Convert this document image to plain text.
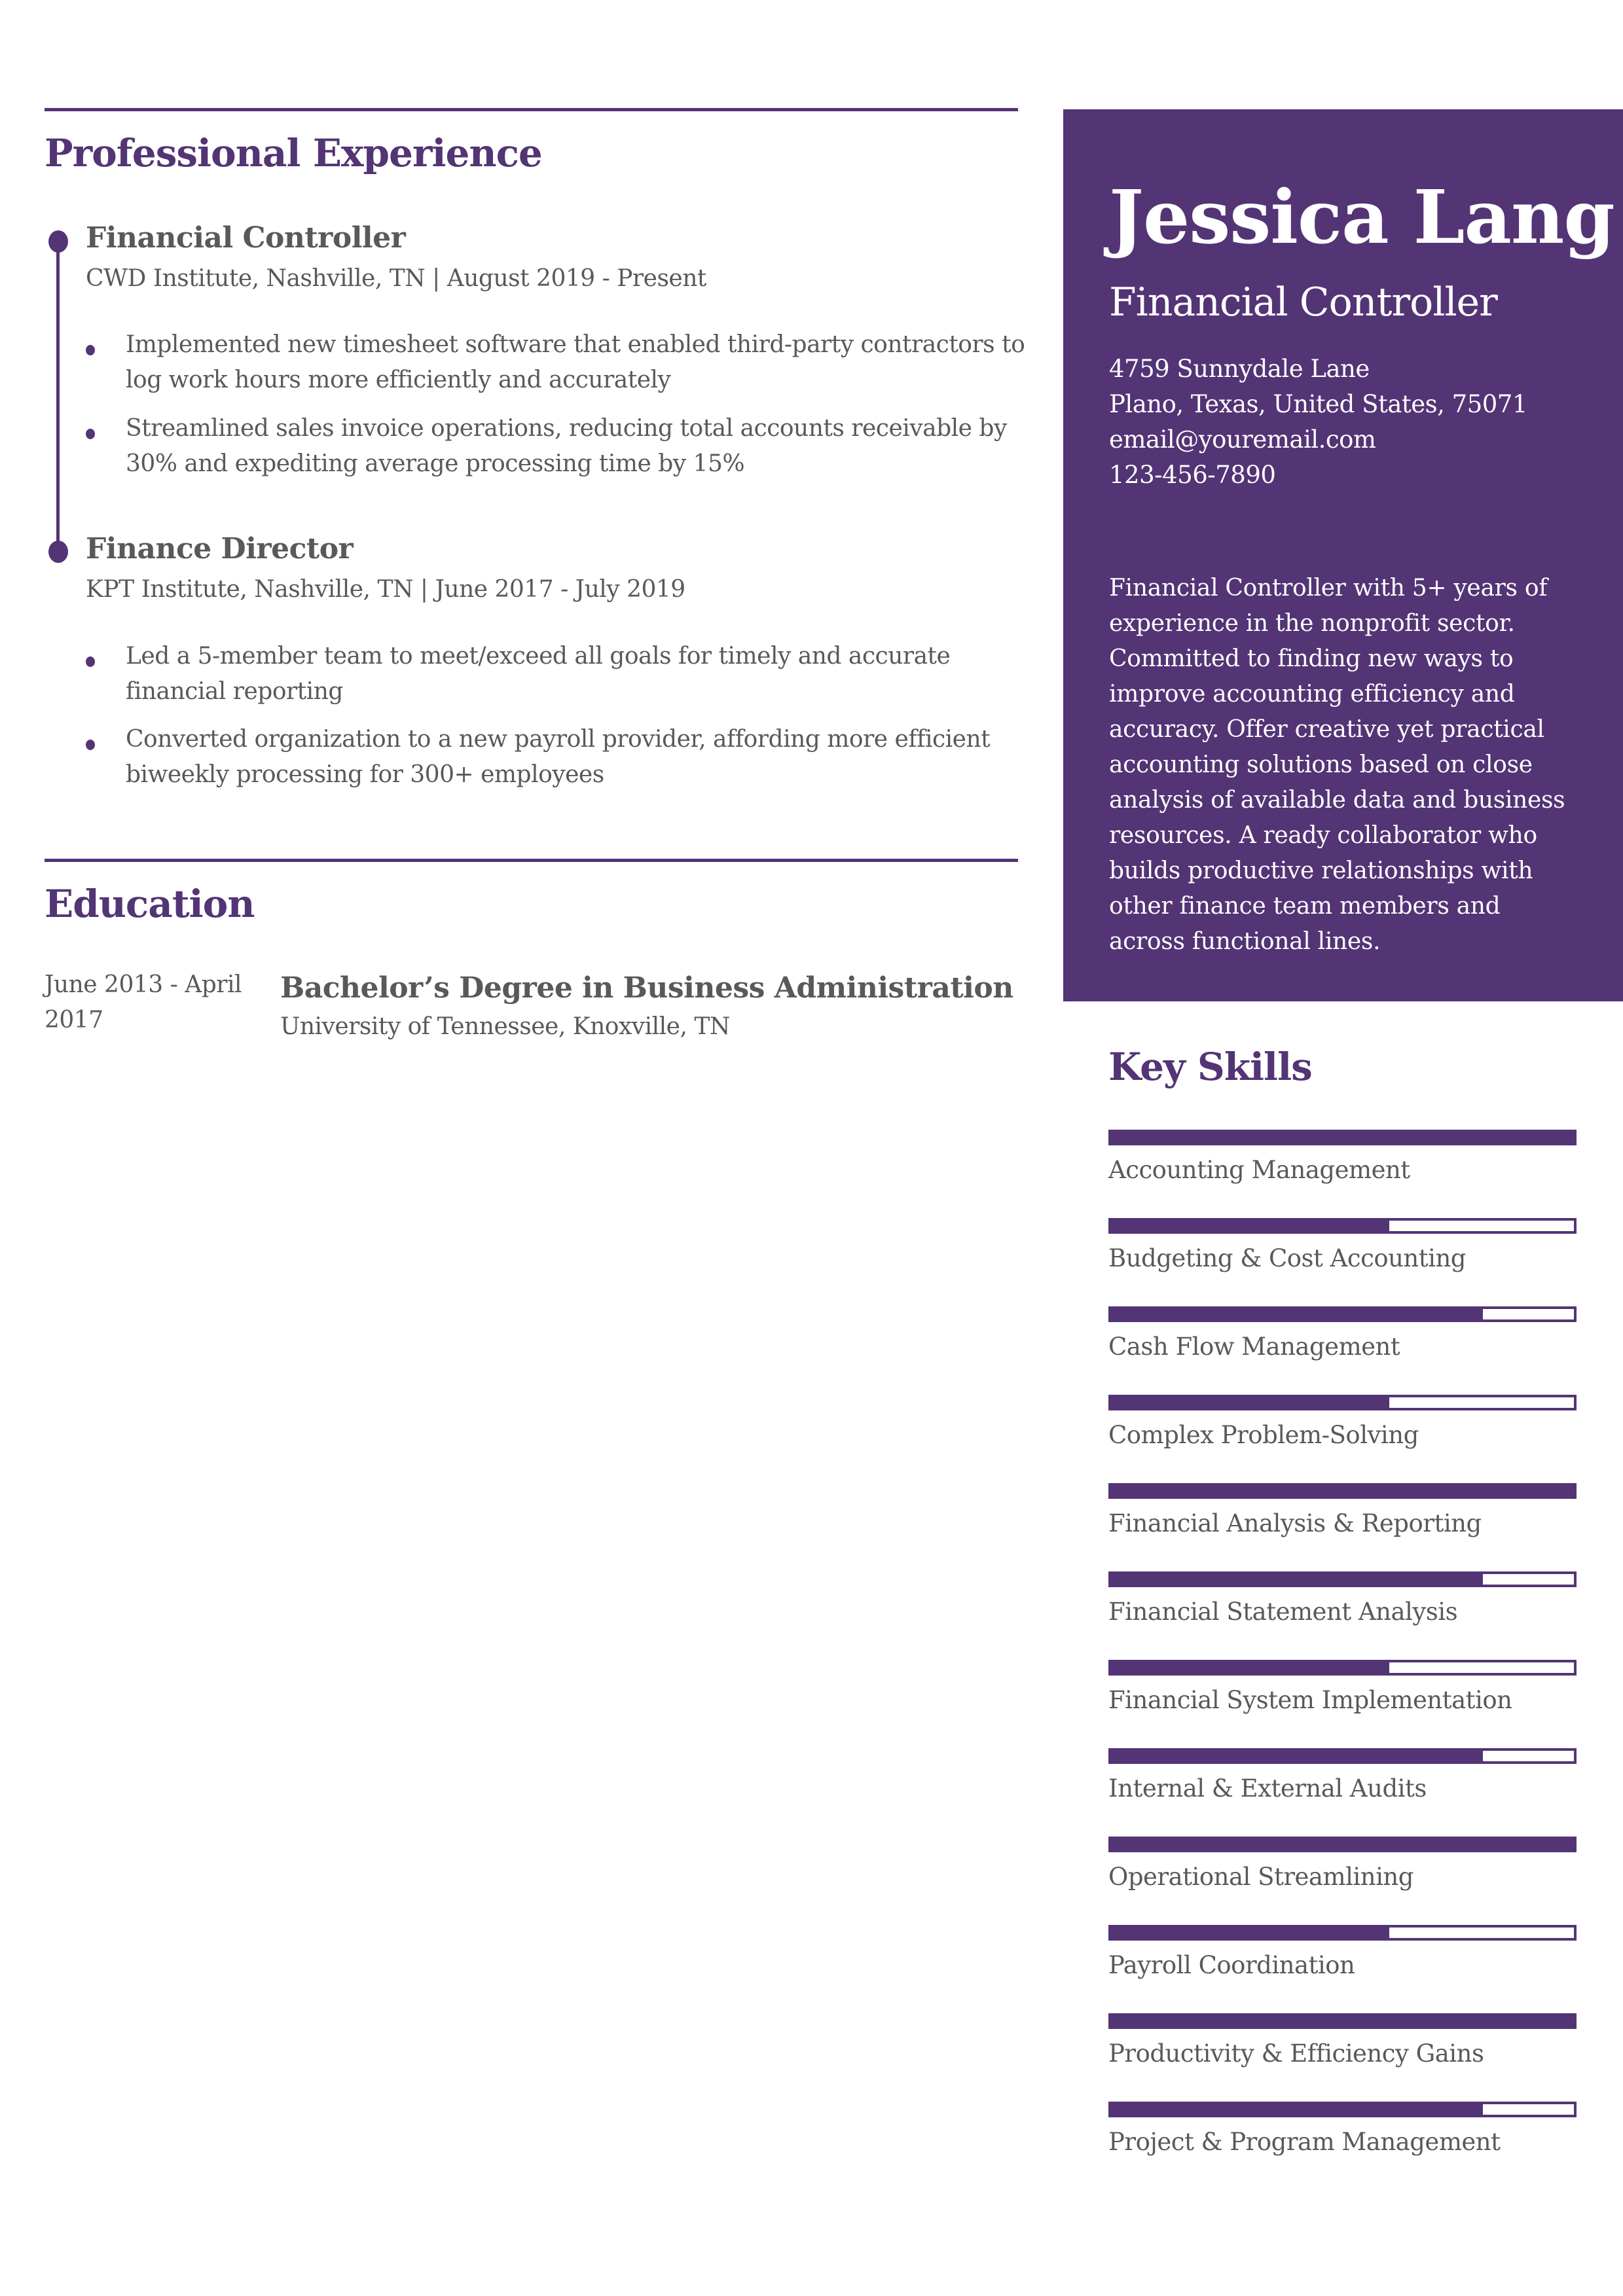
Professional Experience
Financial Controller
CWD Institute, Nashville, TN | August 2019 - Present
Implemented new timesheet software that enabled third-party contractors to log work hours more efficiently and accurately
Streamlined sales invoice operations, reducing total accounts receivable by 30% and expediting average processing time by 15%
Finance Director
KPT Institute, Nashville, TN | June 2017 - July 2019
Led a 5-member team to meet/exceed all goals for timely and accurate financial reporting
Converted organization to a new payroll provider, affording more efficient biweekly processing for 300+ employees
Education
June 2013 - April 2017
Bachelor’s Degree in Business Administration
University of Tennessee, Knoxville, TN
Jessica Lang
Financial Controller
4759 Sunnydale Lane
Plano, Texas, United States, 75071
email@youremail.com
123-456-7890
Financial Controller with 5+ years of experience in the nonprofit sector. Committed to finding new ways to improve accounting efficiency and accuracy. Offer creative yet practical accounting solutions based on close analysis of available data and business resources. A ready collaborator who builds productive relationships with other finance team members and across functional lines.
Key Skills
Accounting Management
Budgeting & Cost Accounting
Cash Flow Management
Complex Problem-Solving
Financial Analysis & Reporting
Financial Statement Analysis
Financial System Implementation
Internal & External Audits
Operational Streamlining
Payroll Coordination
Productivity & Efficiency Gains
Project & Program Management
